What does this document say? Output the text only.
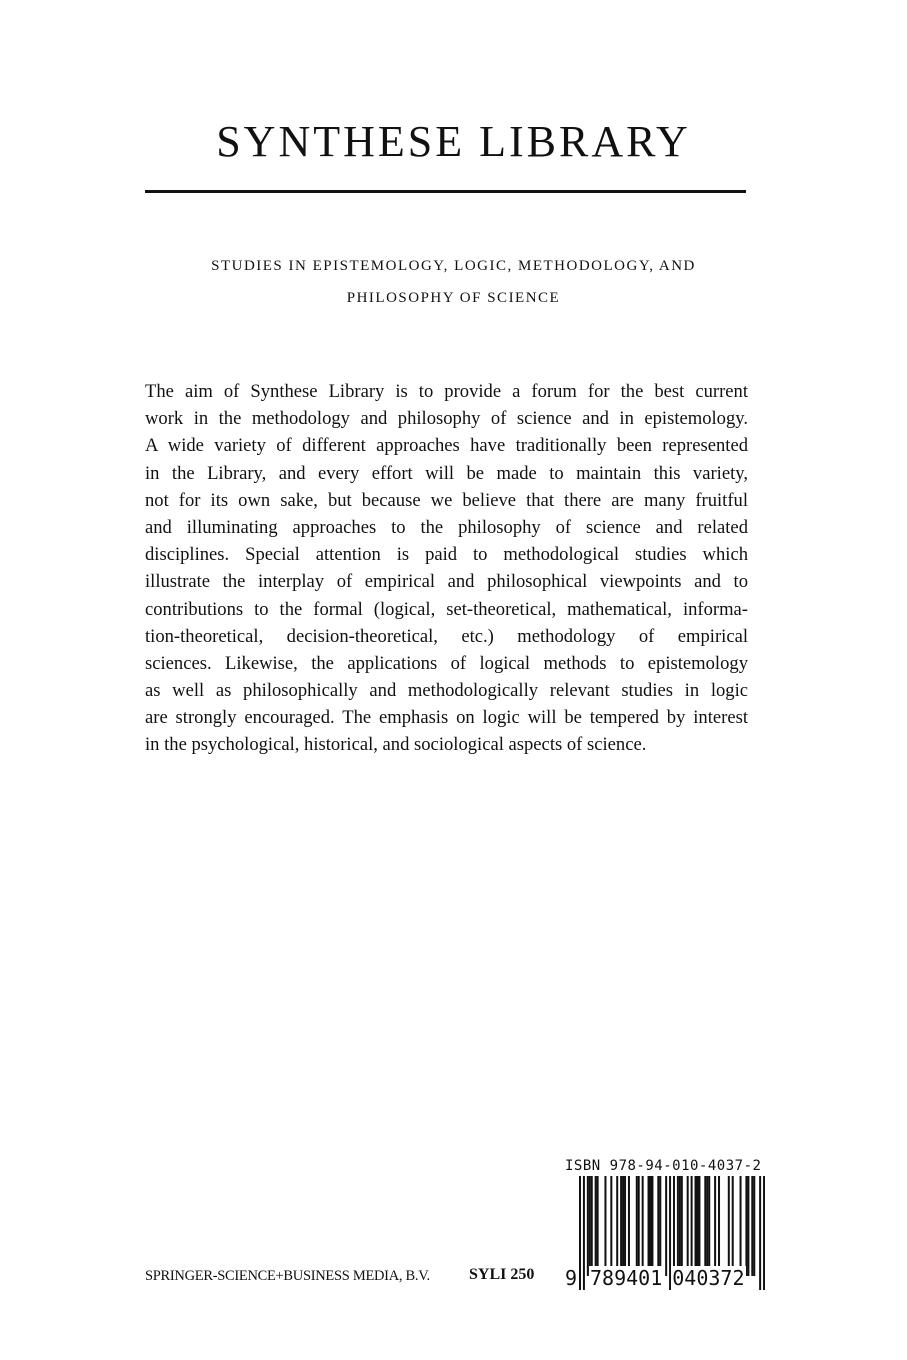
SYNTHESE LIBRARY
STUDIES IN EPISTEMOLOGY, LOGIC, METHODOLOGY, AND
PHILOSOPHY OF SCIENCE
The aim of Synthese Library is to provide a forum for the best current
work in the methodology and philosophy of science and in epistemology.
A wide variety of different approaches have traditionally been represented
in the Library, and every effort will be made to maintain this variety,
not for its own sake, but because we believe that there are many fruitful
and illuminating approaches to the philosophy of science and related
disciplines. Special attention is paid to methodological studies which
illustrate the interplay of empirical and philosophical viewpoints and to
contributions to the formal (logical, set-theoretical, mathematical, informa-
tion-theoretical, decision-theoretical, etc.) methodology of empirical
sciences. Likewise, the applications of logical methods to epistemology
as well as philosophically and methodologically relevant studies in logic
are strongly encouraged. The emphasis on logic will be tempered by interest
in the psychological, historical, and sociological aspects of science.
SPRINGER-SCIENCE+BUSINESS MEDIA, B.V. SYLI 250
ISBN 978-94-010-4037-2
9 789401 040372
